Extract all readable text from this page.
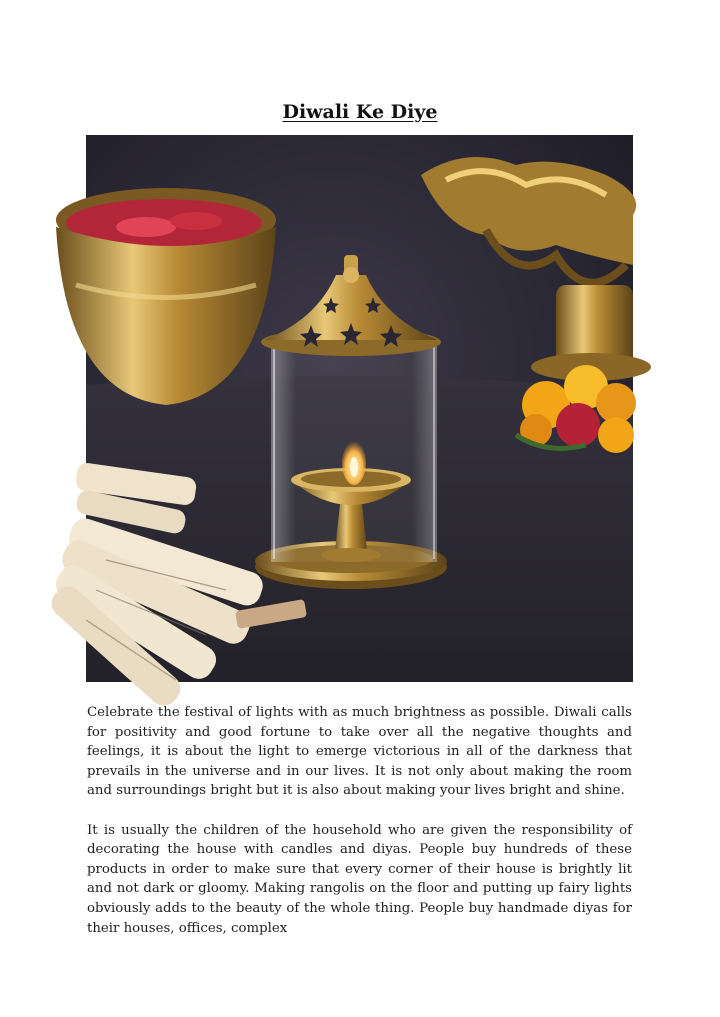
Diwali Ke Diye

Celebrate the festival of lights with as much brightness as possible. Diwali calls for positivity and good fortune to take over all the negative thoughts and feelings, it is about the light to emerge victorious in all of the darkness that prevails in the universe and in our lives. It is not only about making the room and surroundings bright but it is also about making your lives bright and shine.

It is usually the children of the household who are given the responsibility of decorating the house with candles and diyas. People buy hundreds of these products in order to make sure that every corner of their house is brightly lit and not dark or gloomy. Making rangolis on the floor and putting up fairy lights obviously adds to the beauty of the whole thing. People buy handmade diyas for their houses, offices, complex
